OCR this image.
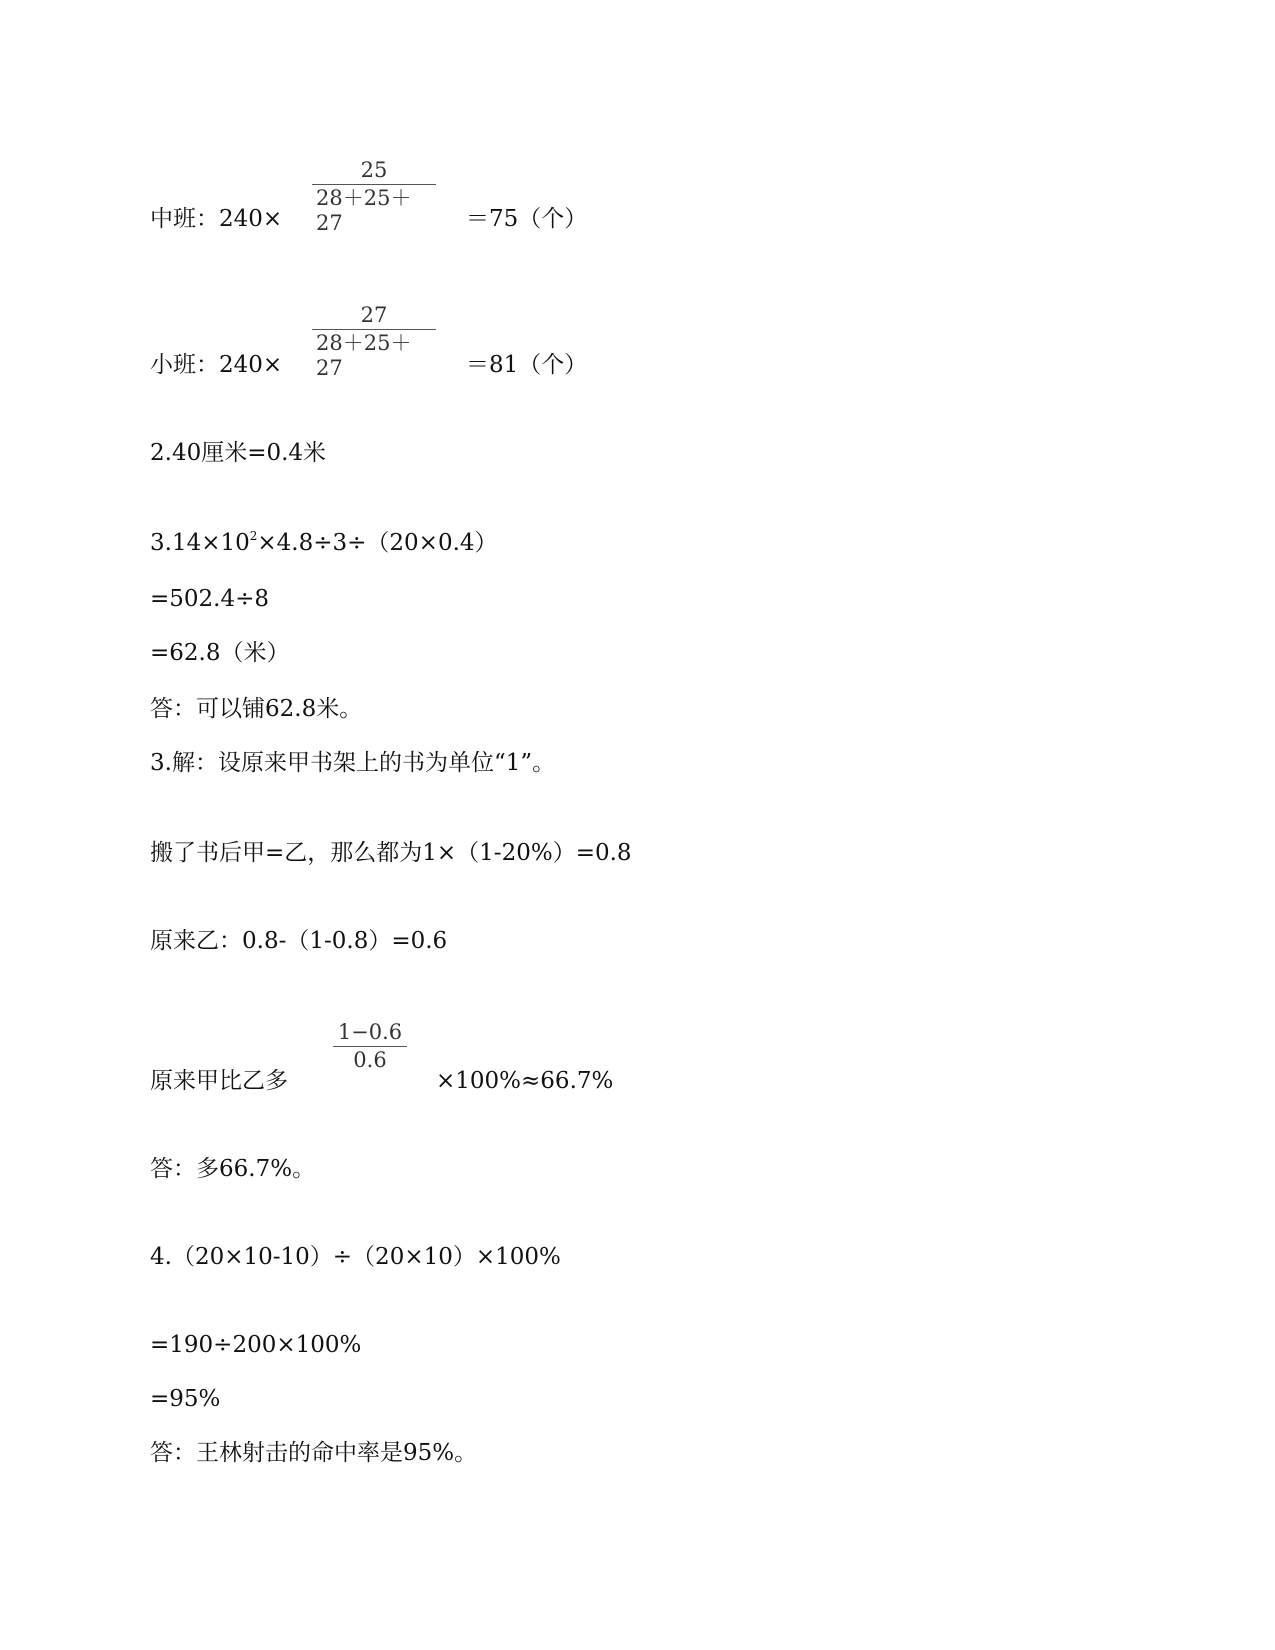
25
28＋25＋27
中班：240×	＝75（个）
27
28＋25＋27
小班：240×	＝81（个）
2.40厘米=0.4米
$3.14\times 10^2\times 4.8\div 3\div(20\times 0.4)$
=502.4÷8
=62.8（米）
答：可以铺62.8米。
3.解：设原来甲书架上的书为单位“1”。
搬了书后甲=乙，那么都为1×（1-20%）=0.8
原来乙：0.8-（1-0.8）=0.6
1−0.6
0.6
原来甲比乙多	×100%≈66.7%
答：多66.7%。
4.（20×10-10）÷（20×10）×100%
=190÷200×100%
=95%
答：王林射击的命中率是95%。
